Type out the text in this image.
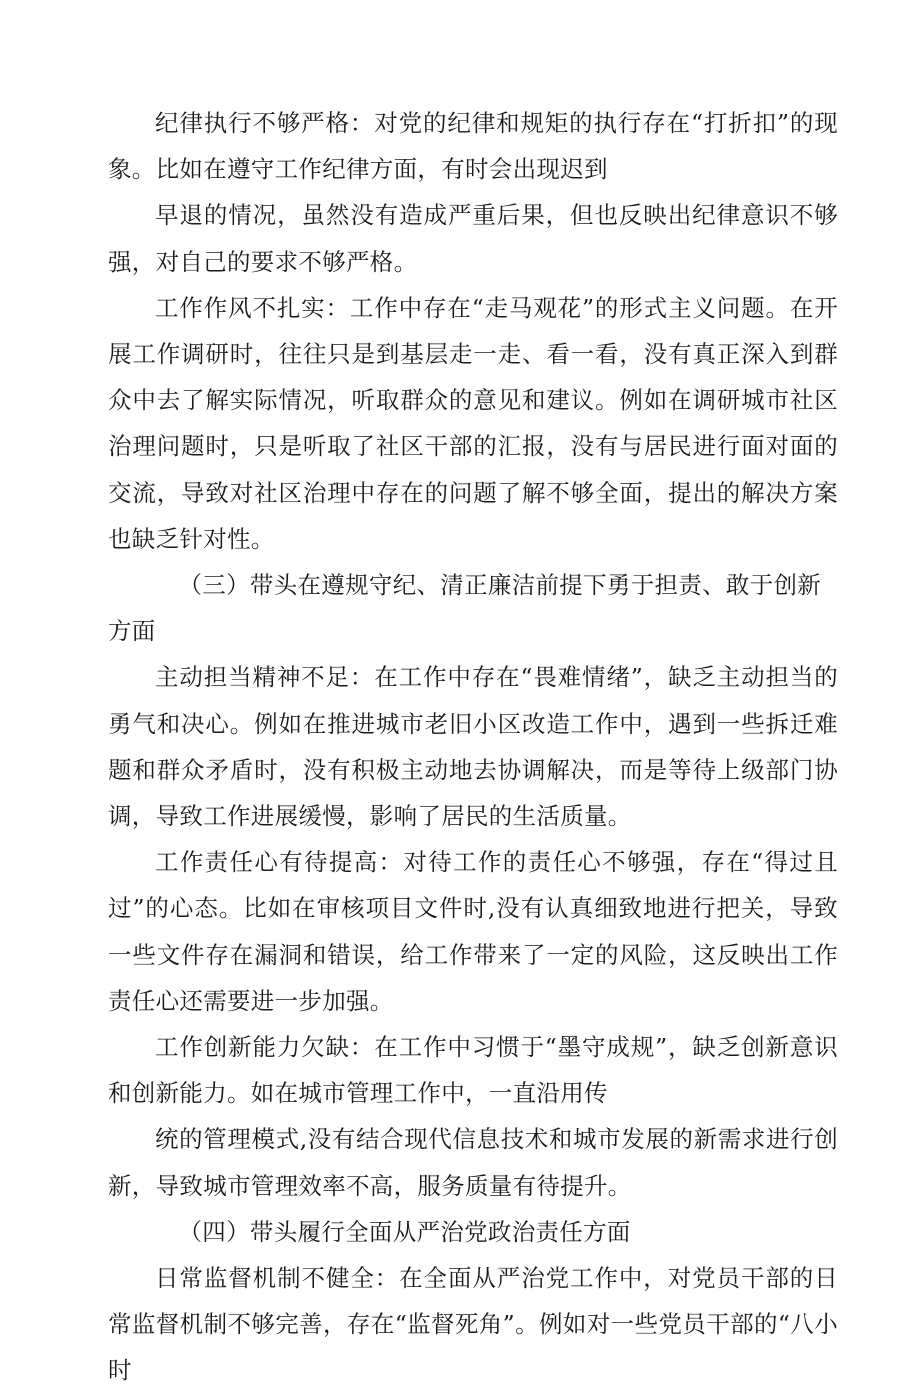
纪律执行不够严格：对党的纪律和规矩的执行存在“打折扣”的现象。比如在遵守工作纪律方面，有时会出现迟到

早退的情况，虽然没有造成严重后果，但也反映出纪律意识不够强，对自己的要求不够严格。

工作作风不扎实：工作中存在“走马观花”的形式主义问题。在开展工作调研时，往往只是到基层走一走、看一看，没有真正深入到群众中去了解实际情况，听取群众的意见和建议。例如在调研城市社区治理问题时，只是听取了社区干部的汇报，没有与居民进行面对面的交流，导致对社区治理中存在的问题了解不够全面，提出的解决方案也缺乏针对性。

（三）带头在遵规守纪、清正廉洁前提下勇于担责、敢于创新方面

主动担当精神不足：在工作中存在“畏难情绪”，缺乏主动担当的勇气和决心。例如在推进城市老旧小区改造工作中，遇到一些拆迁难题和群众矛盾时，没有积极主动地去协调解决，而是等待上级部门协调，导致工作进展缓慢，影响了居民的生活质量。

工作责任心有待提高：对待工作的责任心不够强，存在“得过且过”的心态。比如在审核项目文件时,没有认真细致地进行把关，导致一些文件存在漏洞和错误，给工作带来了一定的风险，这反映出工作责任心还需要进一步加强。

工作创新能力欠缺：在工作中习惯于“墨守成规”，缺乏创新意识和创新能力。如在城市管理工作中，一直沿用传

统的管理模式,没有结合现代信息技术和城市发展的新需求进行创新，导致城市管理效率不高，服务质量有待提升。

（四）带头履行全面从严治党政治责任方面

日常监督机制不健全：在全面从严治党工作中，对党员干部的日常监督机制不够完善，存在“监督死角”。例如对一些党员干部的“八小时
